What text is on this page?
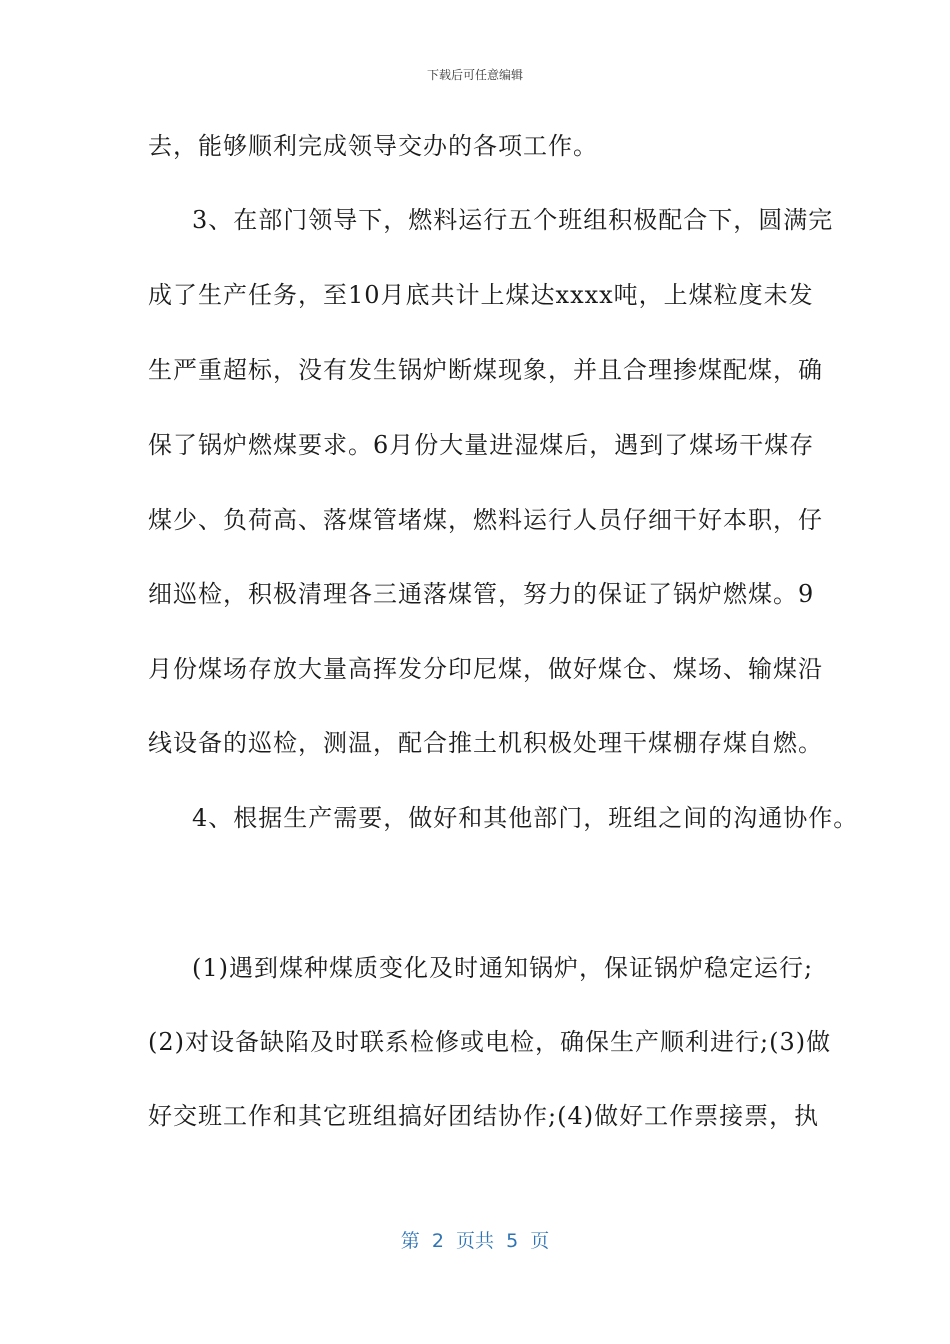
下载后可任意编辑
去，能够顺利完成领导交办的各项工作。
3、在部门领导下，燃料运行五个班组积极配合下，圆满完
成了生产任务，至10月底共计上煤达xxxx吨，上煤粒度未发
生严重超标，没有发生锅炉断煤现象，并且合理掺煤配煤，确
保了锅炉燃煤要求。6月份大量进湿煤后，遇到了煤场干煤存
煤少、负荷高、落煤管堵煤，燃料运行人员仔细干好本职，仔
细巡检，积极清理各三通落煤管，努力的保证了锅炉燃煤。9
月份煤场存放大量高挥发分印尼煤，做好煤仓、煤场、输煤沿
线设备的巡检，测温，配合推土机积极处理干煤棚存煤自燃。
4、根据生产需要，做好和其他部门，班组之间的沟通协作。
(1)遇到煤种煤质变化及时通知锅炉，保证锅炉稳定运行;
(2)对设备缺陷及时联系检修或电检，确保生产顺利进行;(3)做
好交班工作和其它班组搞好团结协作;(4)做好工作票接票，执
第  2  页共  5  页
